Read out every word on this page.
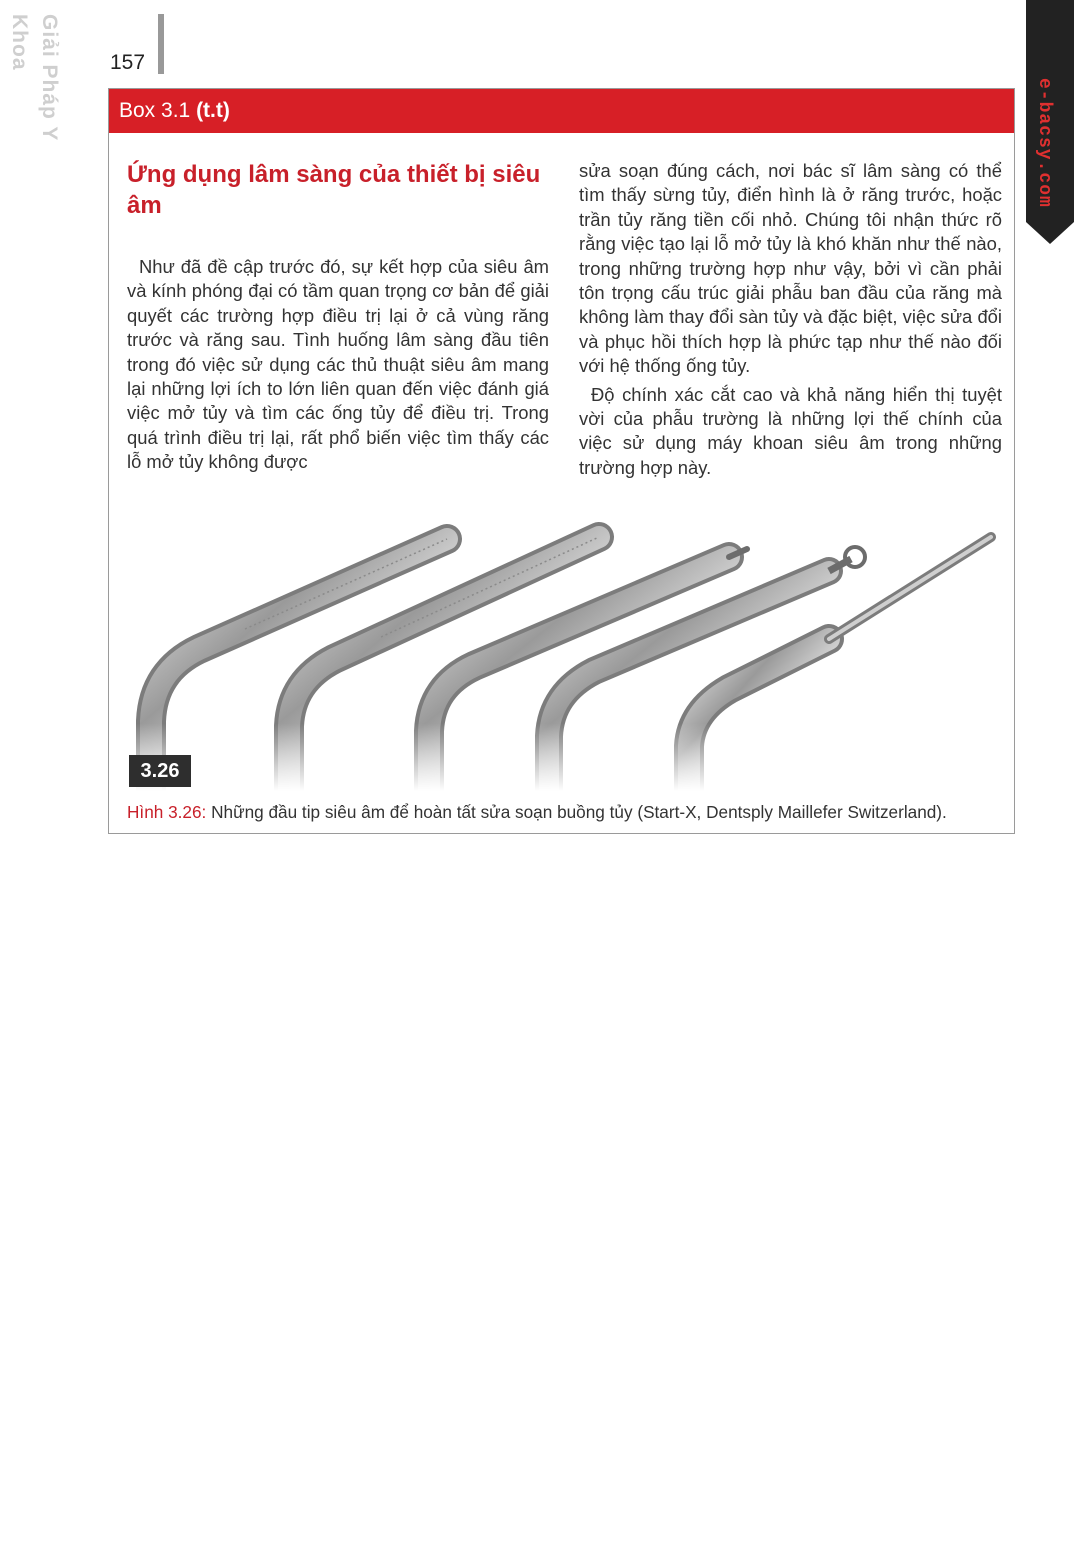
Giải Pháp Y Khoa	157
e-bacsy.com
Box 3.1 (t.t)
Ứng dụng lâm sàng của thiết bị siêu âm

Như đã đề cập trước đó, sự kết hợp của siêu âm và kính phóng đại có tầm quan trọng cơ bản để giải quyết các trường hợp điều trị lại ở cả vùng răng trước và răng sau. Tình huống lâm sàng đầu tiên trong đó việc sử dụng các thủ thuật siêu âm mang lại những lợi ích to lớn liên quan đến việc đánh giá việc mở tủy và tìm các ống tủy để điều trị. Trong quá trình điều trị lại, rất phổ biến việc tìm thấy các lỗ mở tủy không được

sửa soạn đúng cách, nơi bác sĩ lâm sàng có thể tìm thấy sừng tủy, điển hình là ở răng trước, hoặc trần tủy răng tiền cối nhỏ. Chúng tôi nhận thức rõ rằng việc tạo lại lỗ mở tủy là khó khăn như thế nào, trong những trường hợp như vậy, bởi vì cần phải tôn trọng cấu trúc giải phẫu ban đầu của răng mà không làm thay đổi sàn tủy và đặc biệt, việc sửa đổi và phục hồi thích hợp là phức tạp như thế nào đối với hệ thống ống tủy.

Độ chính xác cắt cao và khả năng hiển thị tuyệt vời của phẫu trường là những lợi thế chính của việc sử dụng máy khoan siêu âm trong những trường hợp này.

3.26
Hình 3.26: Những đầu tip siêu âm để hoàn tất sửa soạn buồng tủy (Start-X, Dentsply Maillefer Switzerland).
